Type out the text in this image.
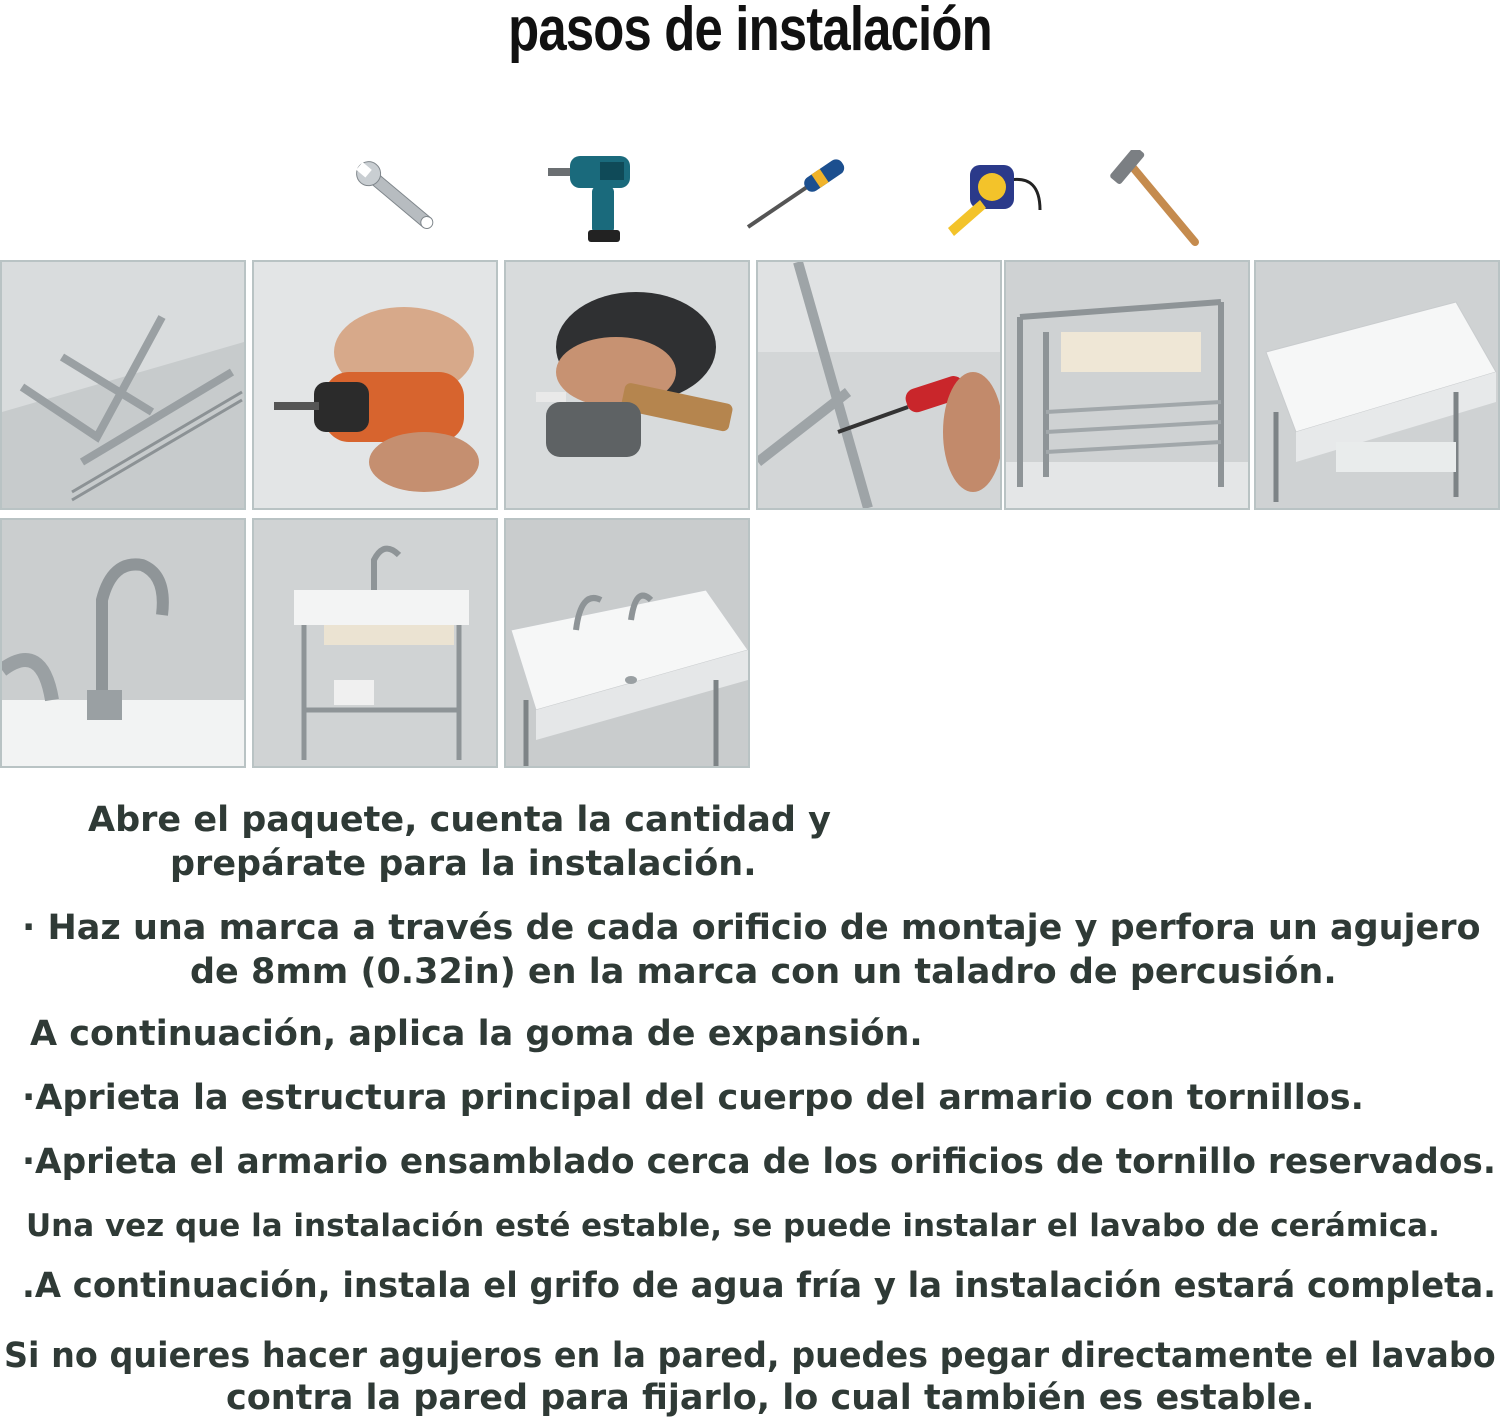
pasos de instalación
Abre el paquete, cuenta la cantidad y
prepárate para la instalación.
· Haz una marca a través de cada orificio de montaje y perfora un agujero
de 8mm (0.32in) en la marca con un taladro de percusión.
A continuación, aplica la goma de expansión.
·Aprieta la estructura principal del cuerpo del armario con tornillos.
·Aprieta el armario ensamblado cerca de los orificios de tornillo reservados.
Una vez que la instalación esté estable, se puede instalar el lavabo de cerámica.
.A continuación, instala el grifo de agua fría y la instalación estará completa.
Si no quieres hacer agujeros en la pared, puedes pegar directamente el lavabo
contra la pared para fijarlo, lo cual también es estable.
